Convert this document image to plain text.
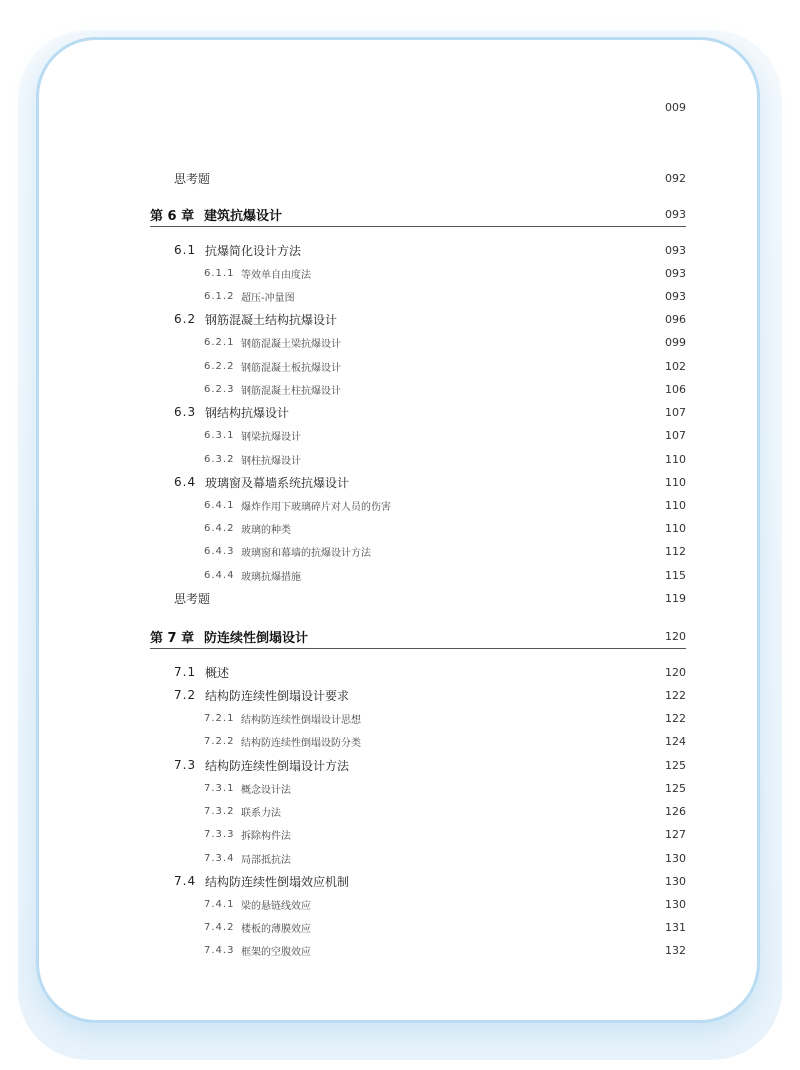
009
思考题	092
第 6 章 建筑抗爆设计	093
6.1 抗爆简化设计方法	093
6.1.1 等效单自由度法	093
6.1.2 超压-冲量图	093
6.2 钢筋混凝土结构抗爆设计	096
6.2.1 钢筋混凝土梁抗爆设计	099
6.2.2 钢筋混凝土板抗爆设计	102
6.2.3 钢筋混凝土柱抗爆设计	106
6.3 钢结构抗爆设计	107
6.3.1 钢梁抗爆设计	107
6.3.2 钢柱抗爆设计	110
6.4 玻璃窗及幕墙系统抗爆设计	110
6.4.1 爆炸作用下玻璃碎片对人员的伤害	110
6.4.2 玻璃的种类	110
6.4.3 玻璃窗和幕墙的抗爆设计方法	112
6.4.4 玻璃抗爆措施	115
思考题	119
第 7 章 防连续性倒塌设计	120
7.1 概述	120
7.2 结构防连续性倒塌设计要求	122
7.2.1 结构防连续性倒塌设计思想	122
7.2.2 结构防连续性倒塌设防分类	124
7.3 结构防连续性倒塌设计方法	125
7.3.1 概念设计法	125
7.3.2 联系力法	126
7.3.3 拆除构件法	127
7.3.4 局部抵抗法	130
7.4 结构防连续性倒塌效应机制	130
7.4.1 梁的悬链线效应	130
7.4.2 楼板的薄膜效应	131
7.4.3 框架的空腹效应	132
